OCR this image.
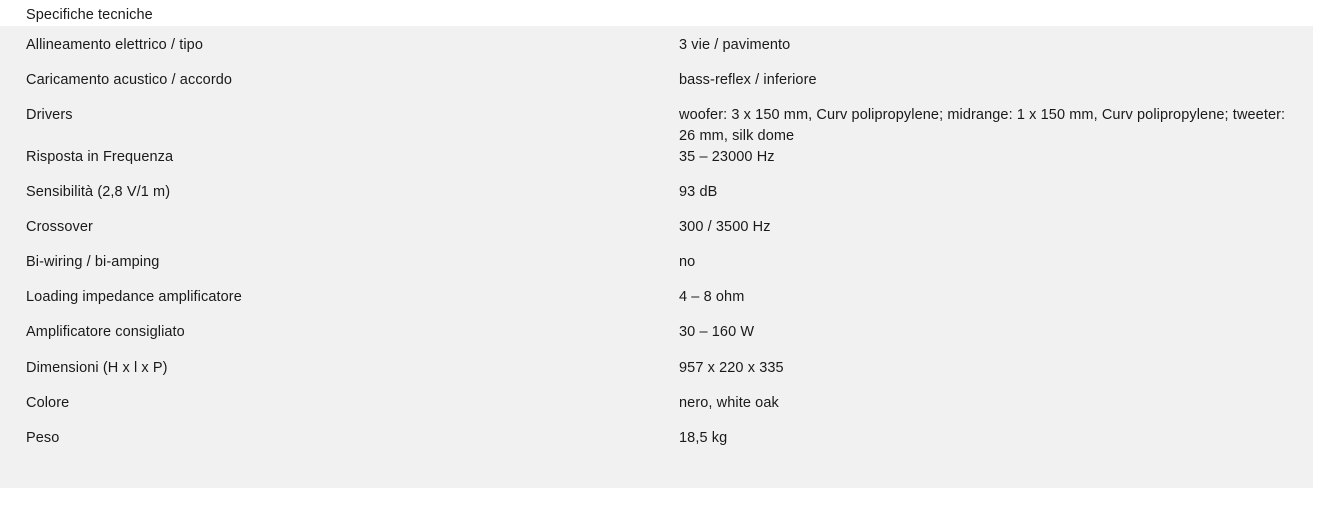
Specifiche tecniche
Allineamento elettrico / tipo	3 vie / pavimento
Caricamento acustico / accordo	bass-reflex / inferiore
Drivers	woofer: 3 x 150 mm, Curv polipropylene; midrange: 1 x 150 mm, Curv polipropylene; tweeter: 26 mm, silk dome
Risposta in Frequenza	35 – 23000 Hz
Sensibilità (2,8 V/1 m)	93 dB
Crossover	300 / 3500 Hz
Bi-wiring / bi-amping	no
Loading impedance amplificatore	4 – 8 ohm
Amplificatore consigliato	30 – 160 W
Dimensioni (H x l x P)	957 x 220 x 335
Colore	nero, white oak
Peso	18,5 kg
